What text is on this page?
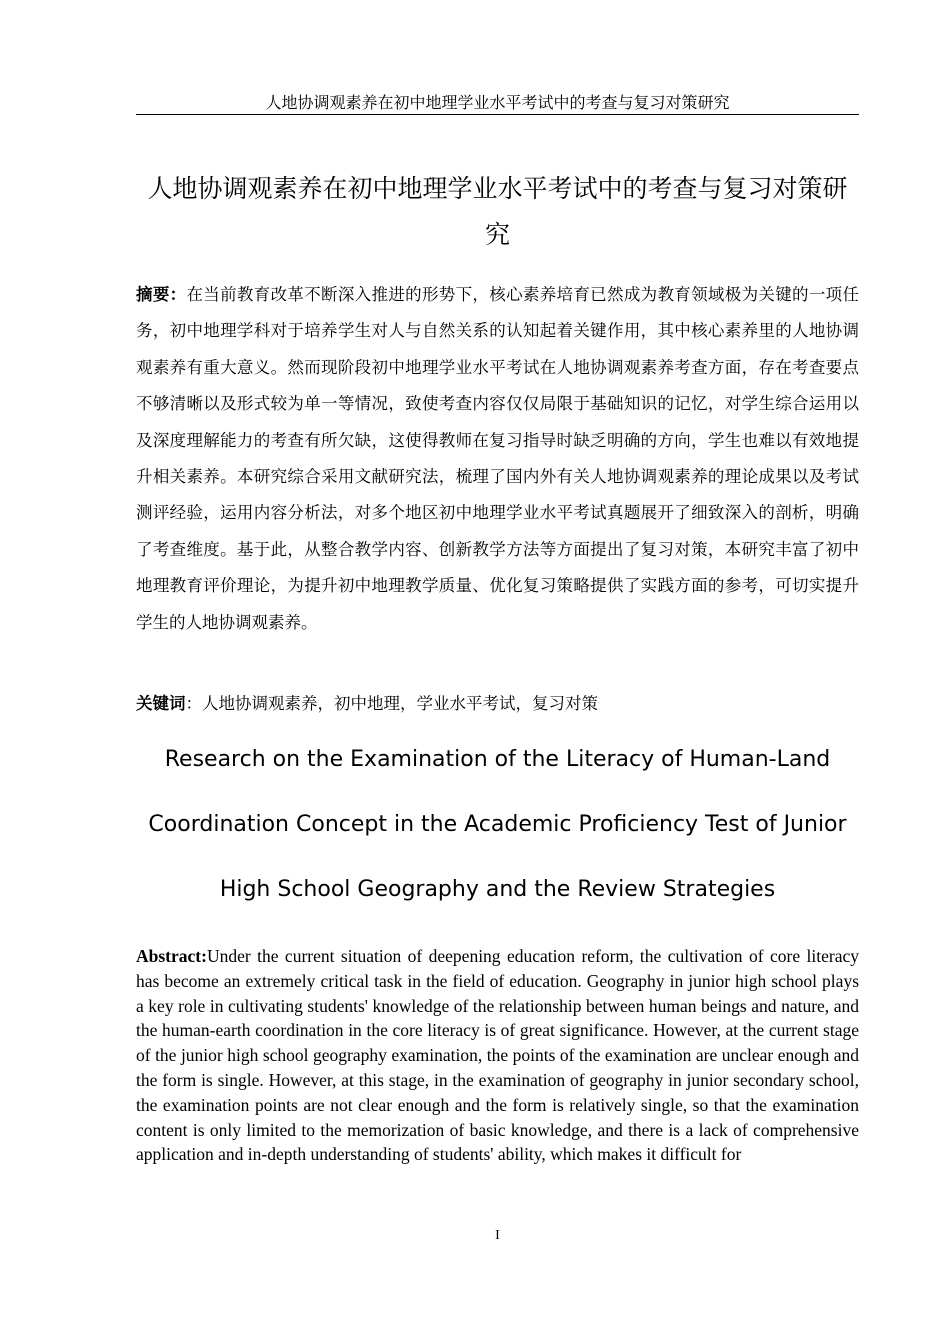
人地协调观素养在初中地理学业水平考试中的考查与复习对策研究
人地协调观素养在初中地理学业水平考试中的考查与复习对策研究

摘要：在当前教育改革不断深入推进的形势下，核心素养培育已然成为教育领域极为关键的一项任务，初中地理学科对于培养学生对人与自然关系的认知起着关键作用，其中核心素养里的人地协调观素养有重大意义。然而现阶段初中地理学业水平考试在人地协调观素养考查方面，存在考查要点不够清晰以及形式较为单一等情况，致使考查内容仅仅局限于基础知识的记忆，对学生综合运用以及深度理解能力的考查有所欠缺，这使得教师在复习指导时缺乏明确的方向，学生也难以有效地提升相关素养。本研究综合采用文献研究法，梳理了国内外有关人地协调观素养的理论成果以及考试测评经验，运用内容分析法，对多个地区初中地理学业水平考试真题展开了细致深入的剖析，明确了考查维度。基于此，从整合教学内容、创新教学方法等方面提出了复习对策，本研究丰富了初中地理教育评价理论，为提升初中地理教学质量、优化复习策略提供了实践方面的参考，可切实提升学生的人地协调观素养。

关键词：人地协调观素养，初中地理，学业水平考试，复习对策

Research on the Examination of the Literacy of Human-Land Coordination Concept in the Academic Proficiency Test of Junior High School Geography and the Review Strategies

Abstract:Under the current situation of deepening education reform, the cultivation of core literacy has become an extremely critical task in the field of education. Geography in junior high school plays a key role in cultivating students' knowledge of the relationship between human beings and nature, and the human-earth coordination in the core literacy is of great significance. However, at the current stage of the junior high school geography examination, the points of the examination are unclear enough and the form is single. However, at this stage, in the examination of geography in junior secondary school, the examination points are not clear enough and the form is relatively single, so that the examination content is only limited to the memorization of basic knowledge, and there is a lack of comprehensive application and in-depth understanding of students' ability, which makes it difficult for

I
